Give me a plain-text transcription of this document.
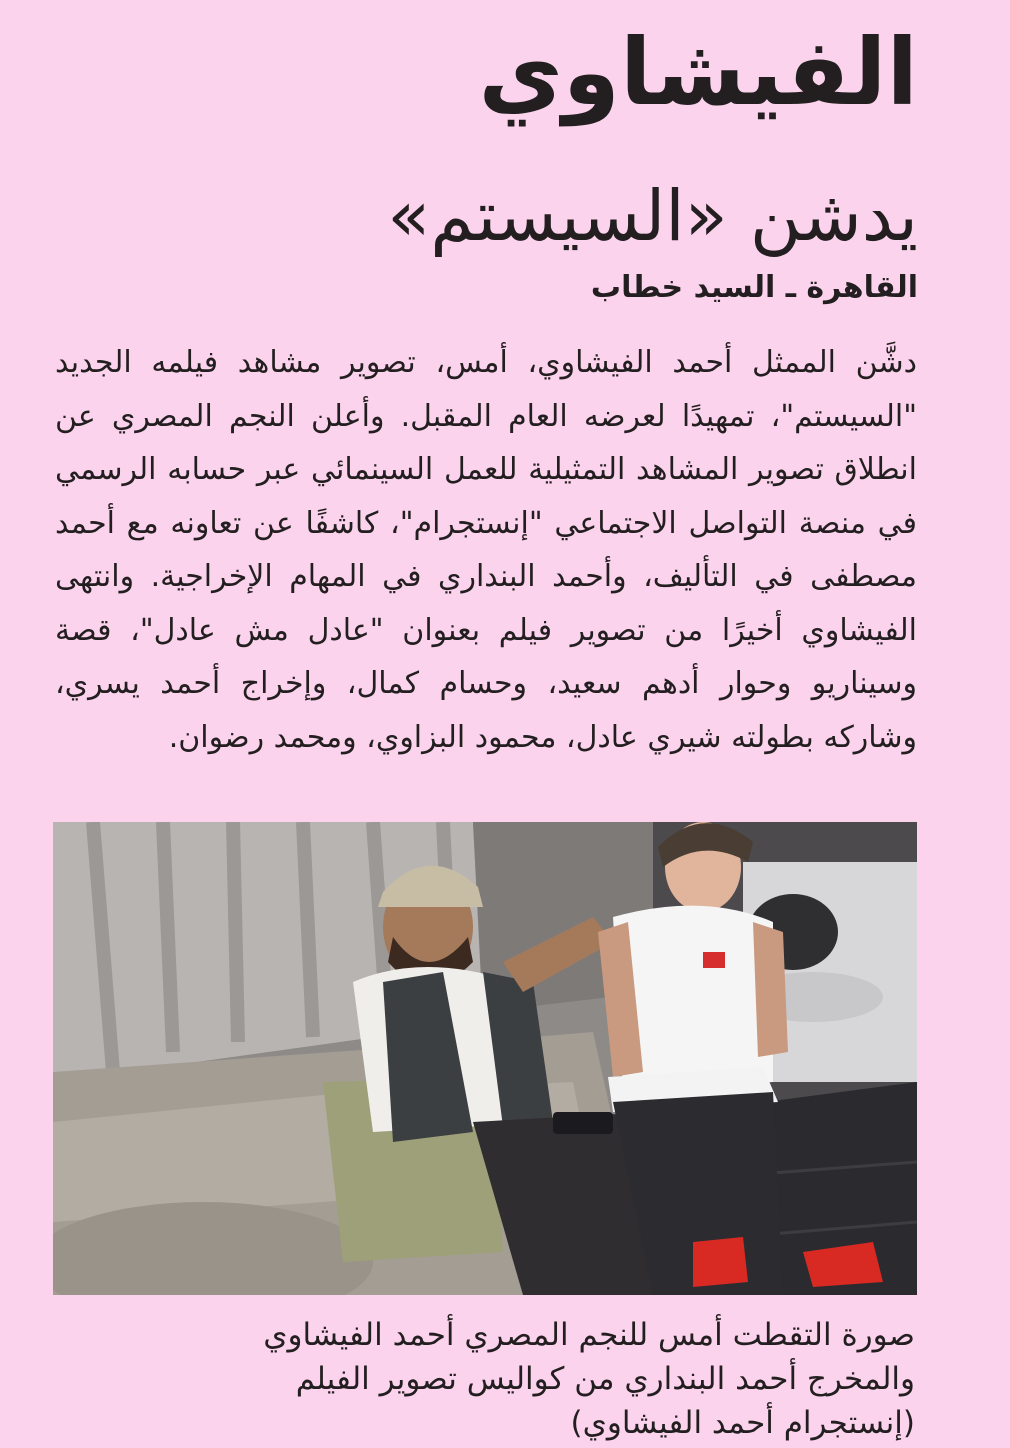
الفيشاوي
يدشن «السيستم»
القاهرة ـ السيد خطاب
دشَّن الممثل أحمد الفيشاوي، أمس، تصوير مشاهد فيلمه الجديد "السيستم"، تمهيدًا لعرضه العام المقبل. وأعلن النجم المصري عن انطلاق تصوير المشاهد التمثيلية للعمل السينمائي عبر حسابه الرسمي في منصة التواصل الاجتماعي "إنستجرام"، كاشفًا عن تعاونه مع أحمد مصطفى في التأليف، وأحمد البنداري في المهام الإخراجية. وانتهى الفيشاوي أخيرًا من تصوير فيلم بعنوان "عادل مش عادل"، قصة وسيناريو وحوار أدهم سعيد، وحسام كمال، وإخراج أحمد يسري، وشاركه بطولته شيري عادل، محمود البزاوي، ومحمد رضوان.
صورة التقطت أمس للنجم المصري أحمد الفيشاوي
والمخرج أحمد البنداري من كواليس تصوير الفيلم
(إنستجرام أحمد الفيشاوي)
